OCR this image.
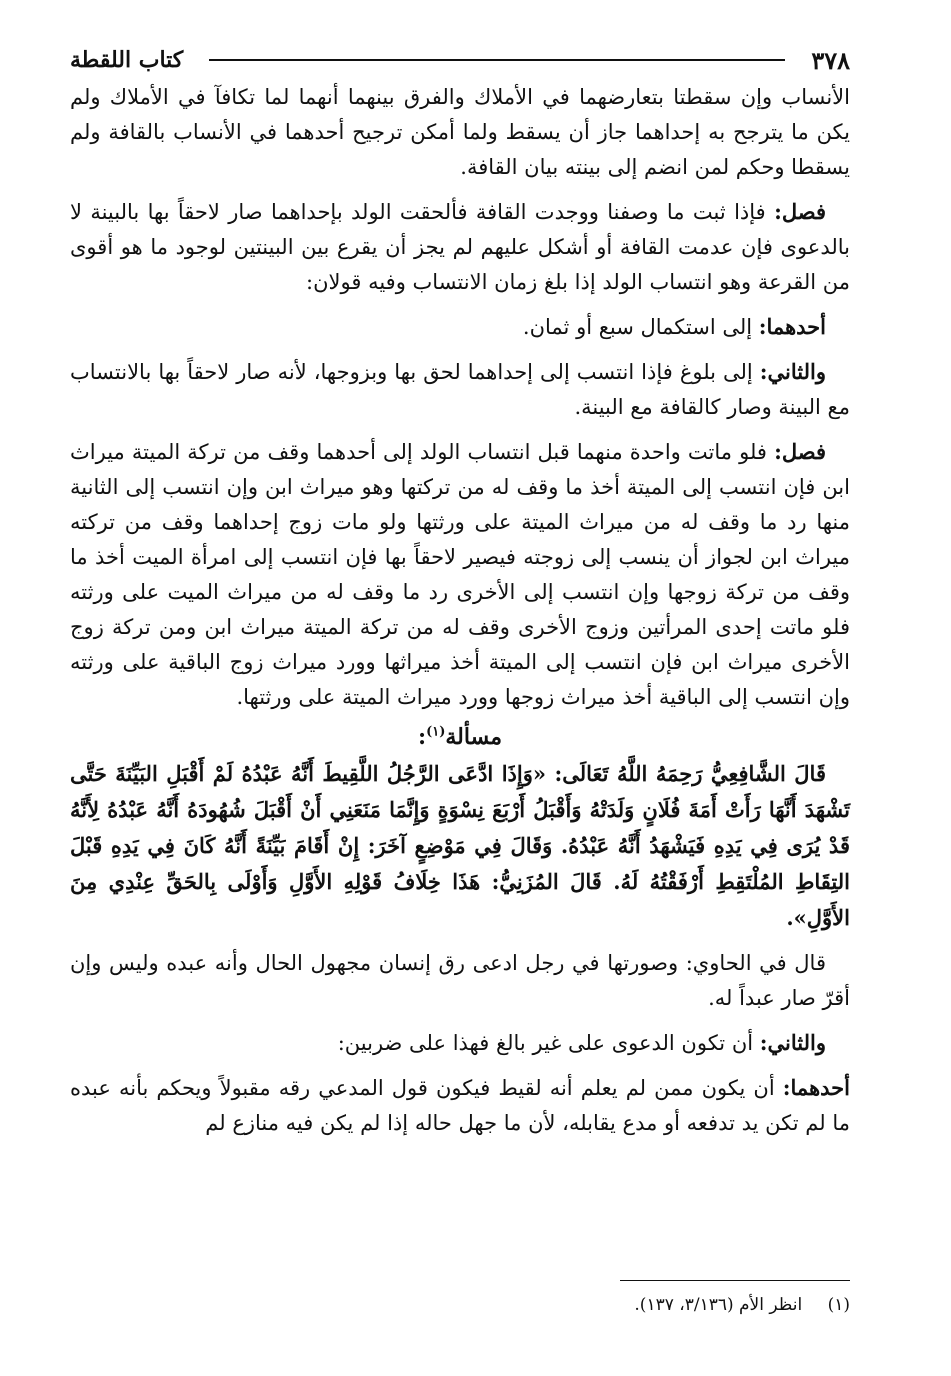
٣٧٨
كتاب اللقطة

الأنساب وإن سقطتا بتعارضهما في الأملاك والفرق بينهما أنهما لما تكافآ في الأملاك ولم يكن ما يترجح به إحداهما جاز أن يسقط ولما أمكن ترجيح أحدهما في الأنساب بالقافة ولم يسقطا وحكم لمن انضم إلى بينته بيان القافة.

فصل: فإذا ثبت ما وصفنا ووجدت القافة فألحقت الولد بإحداهما صار لاحقاً بها بالبينة لا بالدعوى فإن عدمت القافة أو أشكل عليهم لم يجز أن يقرع بين البينتين لوجود ما هو أقوى من القرعة وهو انتساب الولد إذا بلغ زمان الانتساب وفيه قولان:

أحدهما: إلى استكمال سبع أو ثمان.

والثاني: إلى بلوغ فإذا انتسب إلى إحداهما لحق بها وبزوجها، لأنه صار لاحقاً بها بالانتساب مع البينة وصار كالقافة مع البينة.

فصل: فلو ماتت واحدة منهما قبل انتساب الولد إلى أحدهما وقف من تركة الميتة ميراث ابن فإن انتسب إلى الميتة أخذ ما وقف له من تركتها وهو ميراث ابن وإن انتسب إلى الثانية منها رد ما وقف له من ميراث الميتة على ورثتها ولو مات زوج إحداهما وقف من تركته ميراث ابن لجواز أن ينسب إلى زوجته فيصير لاحقاً بها فإن انتسب إلى امرأة الميت أخذ ما وقف من تركة زوجها وإن انتسب إلى الأخرى رد ما وقف له من ميراث الميت على ورثته فلو ماتت إحدى المرأتين وزوج الأخرى وقف له من تركة الميتة ميراث ابن ومن تركة زوج الأخرى ميراث ابن فإن انتسب إلى الميتة أخذ ميراثها وورد ميراث زوج الباقية على ورثته وإن انتسب إلى الباقية أخذ ميراث زوجها وورد ميراث الميتة على ورثتها.

مسألة$^{(١)}$:

قَالَ الشَّافِعِيُّ رَحِمَهُ اللَّهُ تَعَالَى: «وَإِذَا ادَّعَى الرَّجُلُ اللَّقِيطَ أَنَّهُ عَبْدُهُ لَمْ أَقْبَلِ البَيِّنَةَ حَتَّى تَشْهَدَ أَنَّهَا رَأَتْ أَمَةَ فُلَانٍ وَلَدَتْهُ وَأَقْبَلُ أَرْبَعَ نِسْوَةٍ وَإِنَّمَا مَنَعَنِي أَنْ أَقْبَلَ شُهُودَهُ أَنَّهُ عَبْدُهُ لِأَنَّهُ قَدْ يُرَى فِي يَدِهِ فَيَشْهَدُ أَنَّهُ عَبْدُهُ. وَقَالَ فِي مَوْضِعٍ آخَرَ: إِنْ أَقَامَ بَيِّنَةً أَنَّهُ كَانَ فِي يَدِهِ قَبْلَ التِقَاطِ المُلْتَقِطِ أَرْفَقْتُهُ لَهُ. قَالَ المُزَنِيُّ: هَذَا خِلَافُ قَوْلِهِ الأَوَّلِ وَأَوْلَى بِالحَقِّ عِنْدِي مِنَ الأَوَّلِ».

قال في الحاوي: وصورتها في رجل ادعى رق إنسان مجهول الحال وأنه عبده وليس وإن أقرّ صار عبداً له.

والثاني: أن تكون الدعوى على غير بالغ فهذا على ضربين:

أحدهما: أن يكون ممن لم يعلم أنه لقيط فيكون قول المدعي رقه مقبولاً ويحكم بأنه عبده ما لم تكن يد تدفعه أو مدع يقابله، لأن ما جهل حاله إذا لم يكن فيه منازع لم

(١) انظر الأم (٣/١٣٦، ١٣٧).
